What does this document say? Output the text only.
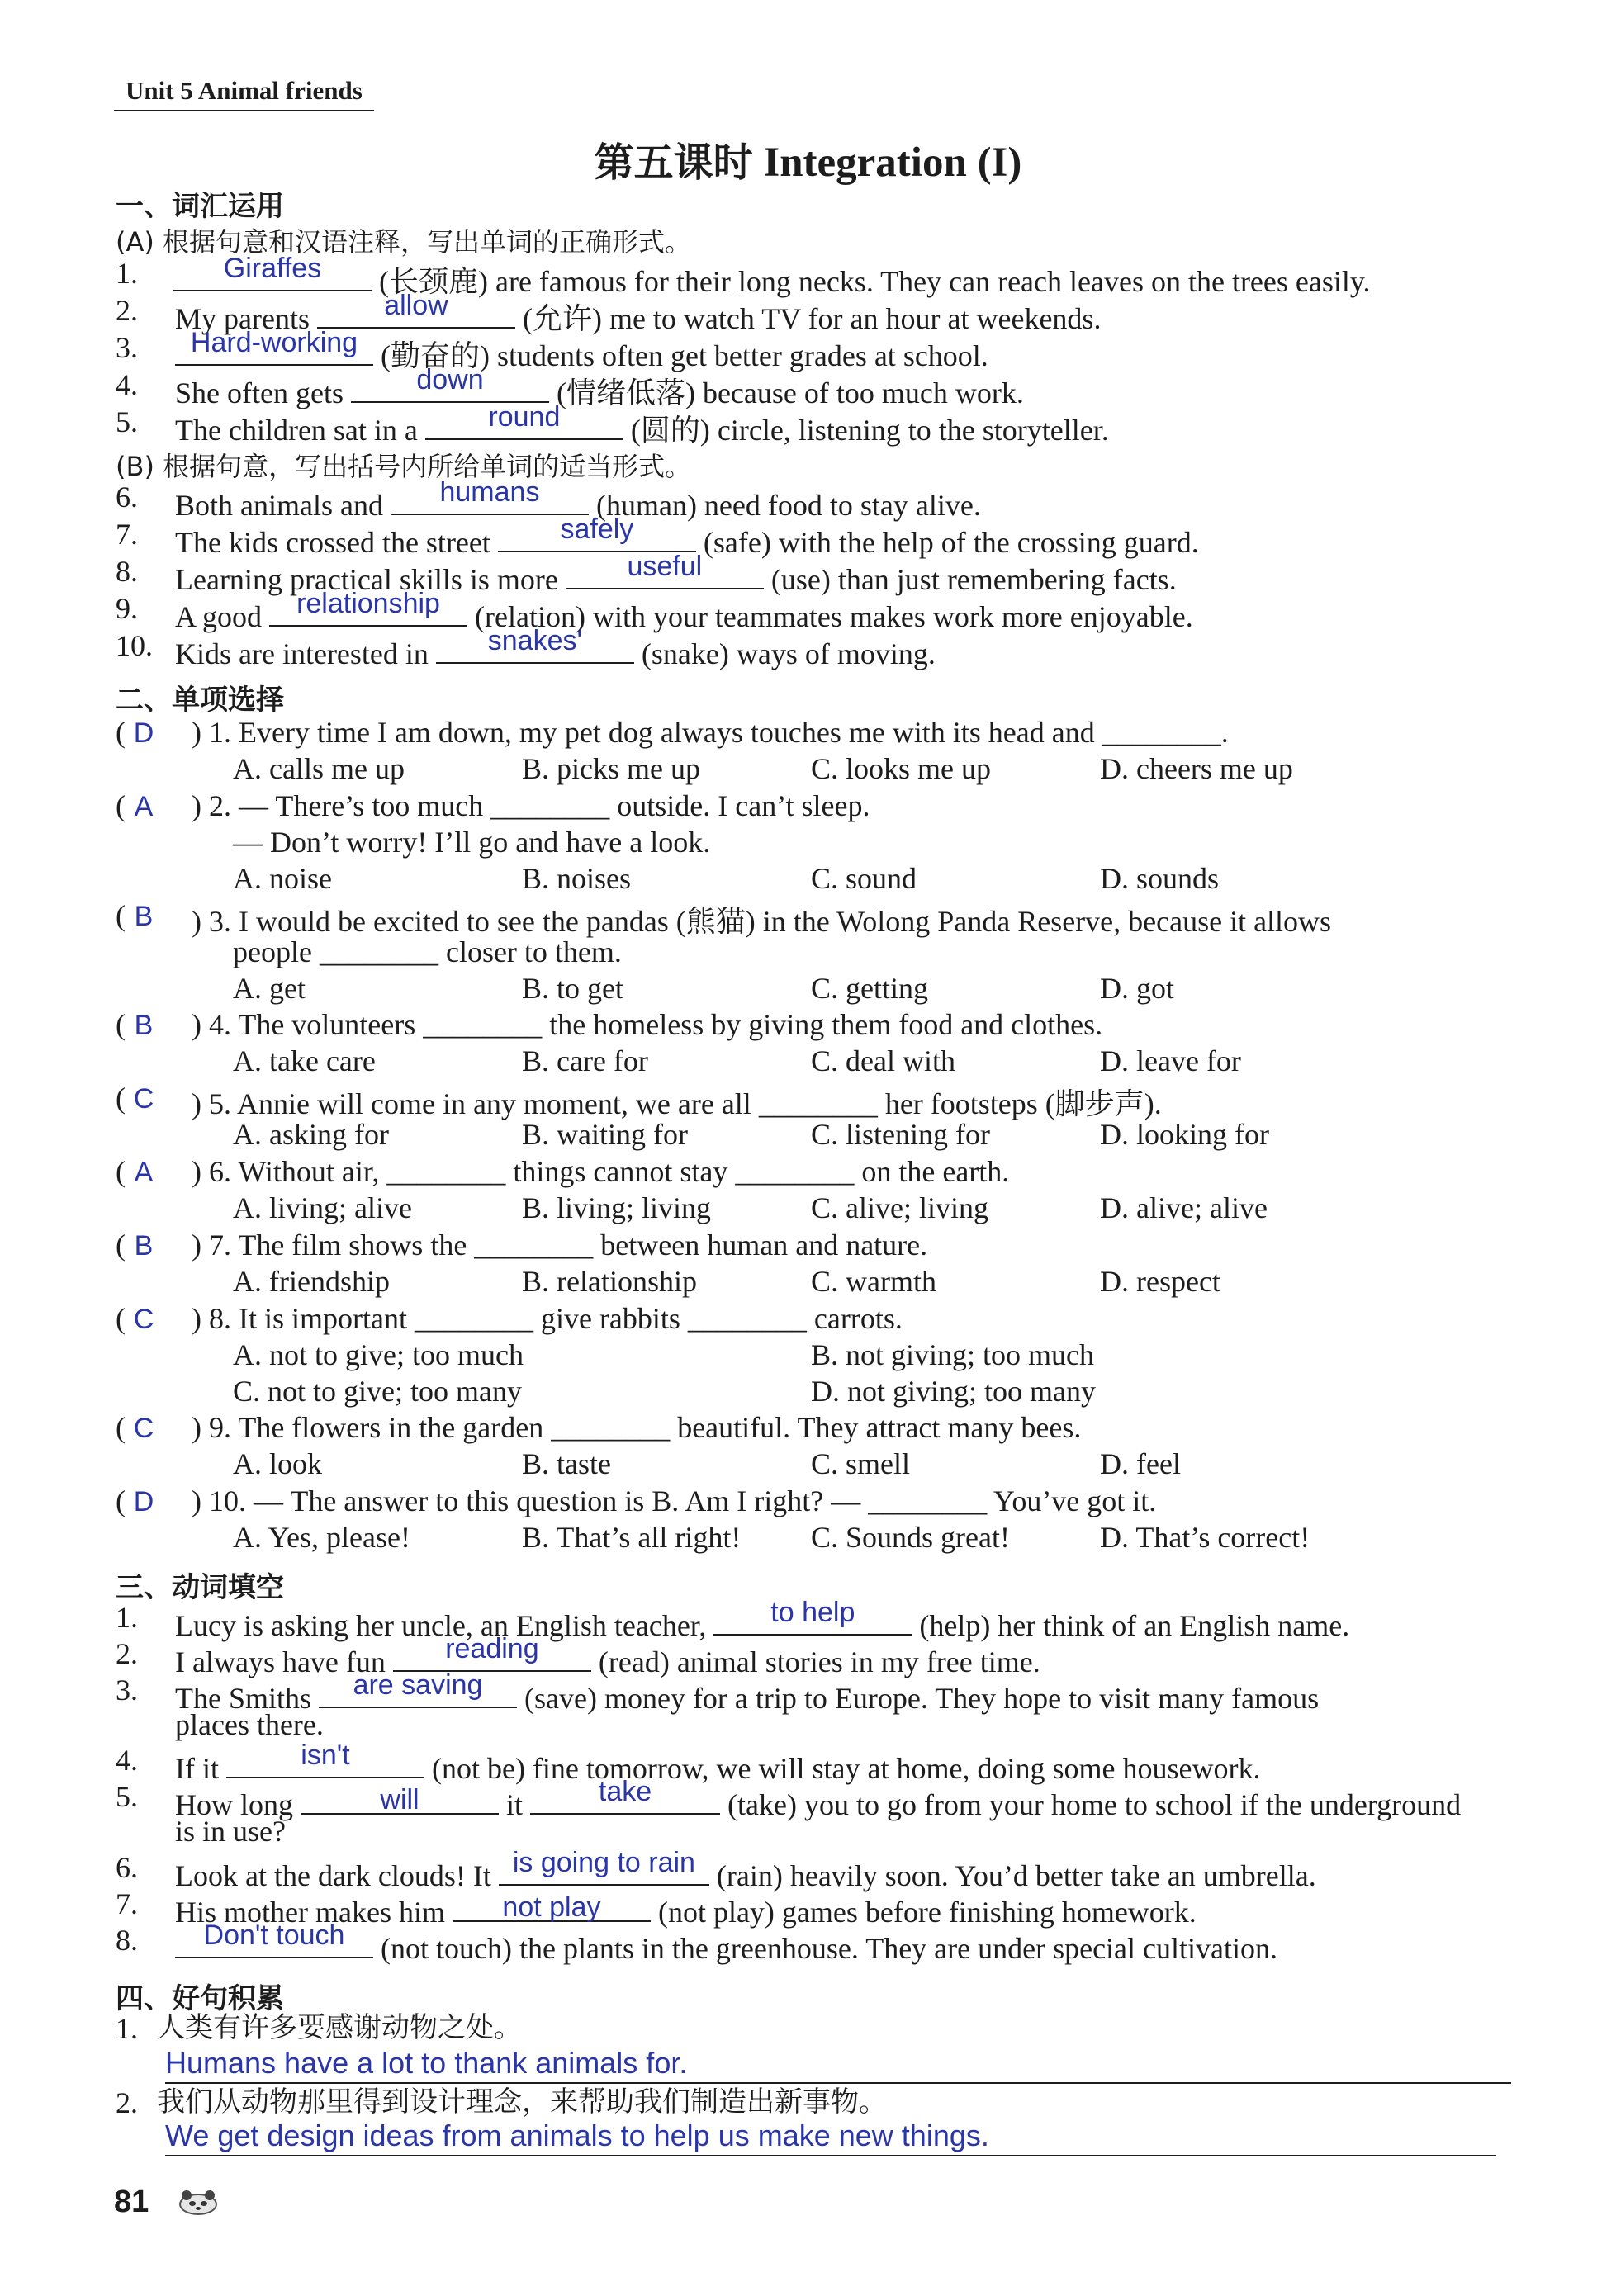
Unit 5 Animal friends
第五课时 Integration (I)
一、词汇运用
(A) 根据句意和汉语注释，写出单词的正确形式。
1.	Giraffes	(长颈鹿) are famous for their long necks. They can reach leaves on the trees easily.
2. My parents	allow	(允许) me to watch TV for an hour at weekends.
3.	Hard-working (勤奋的) students often get better grades at school.
4. She often gets	down	(情绪低落) because of too much work.
5. The children sat in a	round	(圆的) circle, listening to the storyteller.
(B) 根据句意，写出括号内所给单词的适当形式。
6. Both animals and	humans	(human) need food to stay alive.
7. The kids crossed the street	safely	(safe) with the help of the crossing guard.
8. Learning practical skills is more	useful	(use) than just remembering facts.
9. A good relationship (relation) with your teammates makes work more enjoyable.
10. Kids are interested in	snakes'	(snake) ways of moving.
二、单项选择
( D ) 1. Every time I am down, my pet dog always touches me with its head and ________.
A. calls me up	B. picks me up	C. looks me up	D. cheers me up
( A ) 2. — There’s too much ________ outside. I can’t sleep.
— Don’t worry! I’ll go and have a look.
A. noise	B. noises	C. sound	D. sounds
( B ) 3. I would be excited to see the pandas (熊猫) in the Wolong Panda Reserve, because it allows
people ________ closer to them.
A. get	B. to get	C. getting	D. got
( B ) 4. The volunteers ________ the homeless by giving them food and clothes.
A. take care	B. care for	C. deal with	D. leave for
( C ) 5. Annie will come in any moment, we are all ________ her footsteps (脚步声).
A. asking for	B. waiting for	C. listening for	D. looking for
( A ) 6. Without air, ________ things cannot stay ________ on the earth.
A. living; alive	B. living; living	C. alive; living	D. alive; alive
( B ) 7. The film shows the ________ between human and nature.
A. friendship	B. relationship	C. warmth	D. respect
( C ) 8. It is important ________ give rabbits ________ carrots.
A. not to give; too much	B. not giving; too much
C. not to give; too many	D. not giving; too many
( C ) 9. The flowers in the garden ________ beautiful. They attract many bees.
A. look	B. taste	C. smell	D. feel
( D ) 10. — The answer to this question is B. Am I right? — ________ You’ve got it.
A. Yes, please!	B. That’s all right! C. Sounds great!	D. That’s correct!
三、动词填空
1. Lucy is asking her uncle, an English teacher,	to help	(help) her think of an English name.
2. I always have fun	reading	(read) animal stories in my free time.
3. The Smiths	are saving	(save) money for a trip to Europe. They hope to visit many famous
places there.
4. If it	isn't	(not be) fine tomorrow, we will stay at home, doing some housework.
5. How long	will	it	take	(take) you to go from your home to school if the underground
is in use?
6. Look at the dark clouds! It is going to rain (rain) heavily soon. You’d better take an umbrella.
7. His mother makes him	not play	(not play) games before finishing homework.
8.	Don't touch (not touch) the plants in the greenhouse. They are under special cultivation.
四、好句积累
1. 人类有许多要感谢动物之处。
Humans have a lot to thank animals for.
2. 我们从动物那里得到设计理念，来帮助我们制造出新事物。
We get design ideas from animals to help us make new things.
81
